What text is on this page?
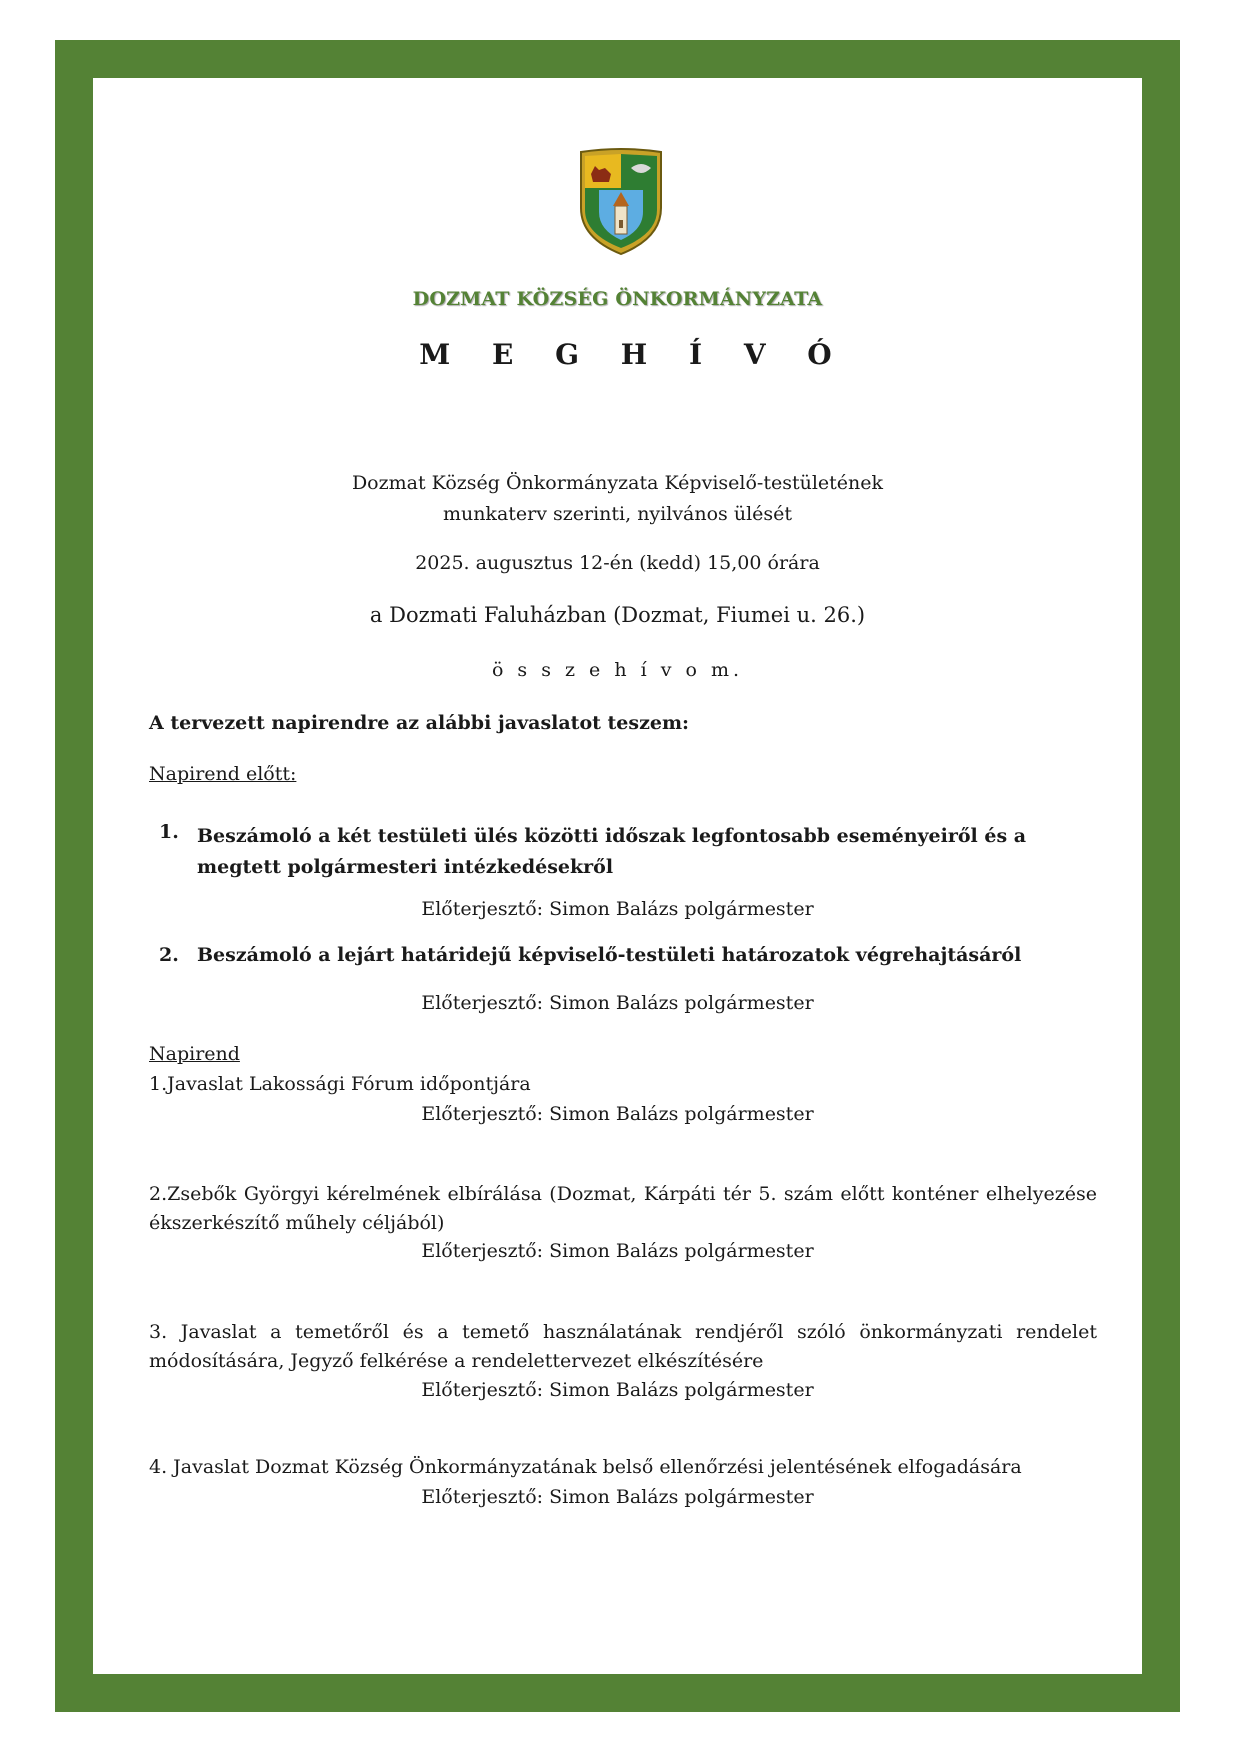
DOZMAT KÖZSÉG ÖNKORMÁNYZATA
M E G H Í V Ó
Dozmat Község Önkormányzata Képviselő-testületének
munkaterv szerinti, nyilvános ülését
2025. augusztus 12-én (kedd) 15,00 órára
a Dozmati Faluházban (Dozmat, Fiumei u. 26.)
ö s s z e h í v o m.
A tervezett napirendre az alábbi javaslatot teszem:
Napirend előtt:
1. Beszámoló a két testületi ülés közötti időszak legfontosabb eseményeiről és a megtett polgármesteri intézkedésekről
Előterjesztő: Simon Balázs polgármester
2. Beszámoló a lejárt határidejű képviselő-testületi határozatok végrehajtásáról
Előterjesztő: Simon Balázs polgármester
Napirend
1.Javaslat Lakossági Fórum időpontjára
Előterjesztő: Simon Balázs polgármester
2.Zsebők Györgyi kérelmének elbírálása (Dozmat, Kárpáti tér 5. szám előtt konténer elhelyezése ékszerkészítő műhely céljából)
Előterjesztő: Simon Balázs polgármester
3. Javaslat a temetőről és a temető használatának rendjéről szóló önkormányzati rendelet módosítására, Jegyző felkérése a rendelettervezet elkészítésére
Előterjesztő: Simon Balázs polgármester
4. Javaslat Dozmat Község Önkormányzatának belső ellenőrzési jelentésének elfogadására
Előterjesztő: Simon Balázs polgármester
